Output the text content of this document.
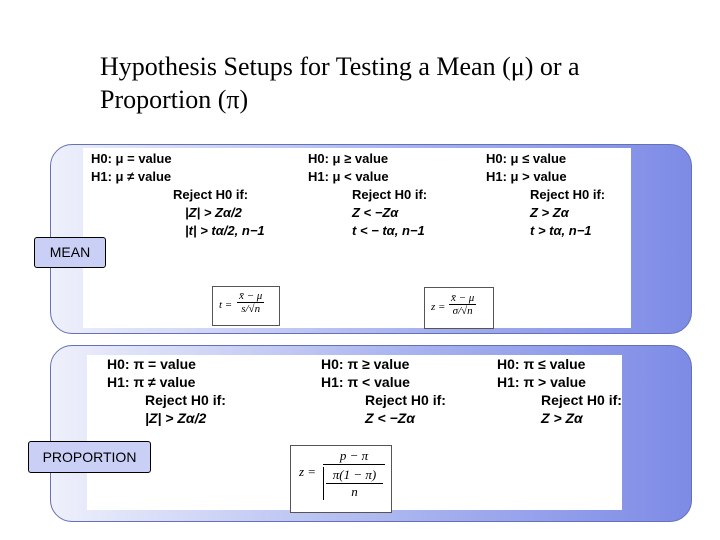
Hypothesis Setups for Testing a Mean (μ) or a
Proportion (π)
H0: μ = value
H1: μ ≠ value
Reject H0 if:
|Z| > Zα/2
|t| > tα/2, n−1
H0: μ ≥ value
H1: μ < value
Reject H0 if:
Z < −Zα
t < − tα, n−1
H0: μ ≤ value
H1: μ > value
Reject H0 if:
Z > Zα
t > tα, n−1
$t = \frac{x̄ - \mu}{s/√n}$	$z = \frac{x̄ - \mu}{\sigma/√n}$
MEAN
H0: π = value
H1: π ≠ value
Reject H0 if:
|Z| > Zα/2
H0: π ≥ value
H1: π < value
Reject H0 if:
Z < −Zα
H0: π ≤ value
H1: π > value
Reject H0 if:
Z > Zα
z = p − π
π(1 − π)
n
PROPORTION
